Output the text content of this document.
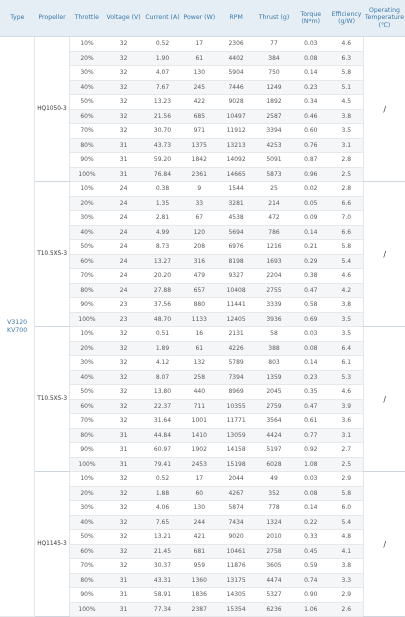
Type	Propeller	Throttle	Voltage (V)	Current (A)	Power (W)	RPM	Thrust (g)	Torque (N*m)	Efficiency (g/W)	Operating Temperature (℃)
V3120 KV700	HQ1050-3	10%	32	0.52	17	2306	77	0.03	4.6	/
		20%	32	1.90	61	4402	384	0.08	6.3	
		30%	32	4.07	130	5904	750	0.14	5.8	
		40%	32	7.67	245	7446	1249	0.23	5.1	
		50%	32	13.23	422	9028	1892	0.34	4.5	
		60%	32	21.56	685	10497	2587	0.46	3.8	
		70%	32	30.70	971	11912	3394	0.60	3.5	
		80%	31	43.73	1375	13213	4253	0.76	3.1	
		90%	31	59.20	1842	14092	5091	0.87	2.8	
		100%	31	76.84	2361	14665	5873	0.96	2.5	
	T10.5X5-3	10%	24	0.38	9	1544	25	0.02	2.8	/
		20%	24	1.35	33	3281	214	0.05	6.6	
		30%	24	2.81	67	4538	472	0.09	7.0	
		40%	24	4.99	120	5694	786	0.14	6.6	
		50%	24	8.73	208	6976	1216	0.21	5.8	
		60%	24	13.27	316	8198	1693	0.29	5.4	
		70%	24	20.20	479	9327	2204	0.38	4.6	
		80%	24	27.88	657	10408	2755	0.47	4.2	
		90%	23	37.56	880	11441	3339	0.58	3.8	
		100%	23	48.70	1133	12405	3936	0.69	3.5	
	T10.5X5-3	10%	32	0.51	16	2131	58	0.03	3.5	/
		20%	32	1.89	61	4226	388	0.08	6.4	
		30%	32	4.12	132	5789	803	0.14	6.1	
		40%	32	8.07	258	7394	1359	0.23	5.3	
		50%	32	13.80	440	8969	2045	0.35	4.6	
		60%	32	22.37	711	10355	2759	0.47	3.9	
		70%	32	31.64	1001	11771	3564	0.61	3.6	
		80%	31	44.84	1410	13059	4424	0.77	3.1	
		90%	31	60.97	1902	14158	5197	0.92	2.7	
		100%	31	79.41	2453	15198	6028	1.08	2.5	
	HQ1145-3	10%	32	0.52	17	2044	49	0.03	2.9	/
		20%	32	1.88	60	4267	352	0.08	5.8	
		30%	32	4.06	130	5874	778	0.14	6.0	
		40%	32	7.65	244	7434	1324	0.22	5.4	
		50%	32	13.21	421	9020	2010	0.33	4.8	
		60%	32	21.45	681	10461	2758	0.45	4.1	
		70%	32	30.37	959	11876	3605	0.59	3.8	
		80%	31	43.31	1360	13175	4474	0.74	3.3	
		90%	31	58.91	1836	14305	5327	0.90	2.9	
		100%	31	77.34	2387	15354	6236	1.06	2.6	
